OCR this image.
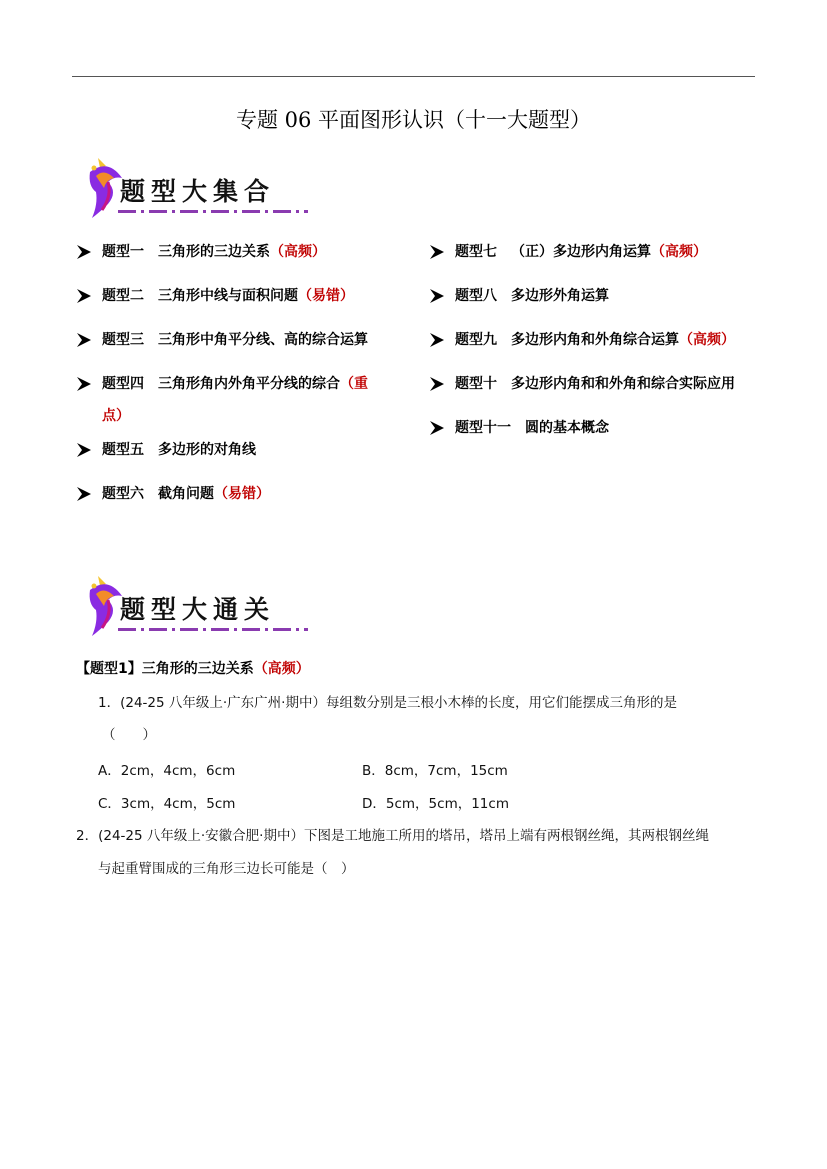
专题 06 平面图形认识（十一大题型）
题型大集合
题型一 三角形的三边关系（高频）
题型二 三角形中线与面积问题（易错）
题型三 三角形中角平分线、高的综合运算
题型四 三角形角内外角平分线的综合（重
点）
题型五 多边形的对角线
题型六 截角问题（易错）
题型七 （正）多边形内角运算（高频）
题型八 多边形外角运算
题型九 多边形内角和外角综合运算（高频）
题型十 多边形内角和和外角和综合实际应用
题型十一 圆的基本概念
题型大通关
【题型1】三角形的三边关系（高频）
1．(24-25 八年级上·广东广州·期中）每组数分别是三根小木棒的长度，用它们能摆成三角形的是
（　　）
A．2cm，4cm，6cm	B．8cm，7cm，15cm
C．3cm，4cm，5cm	D．5cm，5cm，11cm
2．(24-25 八年级上·安徽合肥·期中）下图是工地施工所用的塔吊，塔吊上端有两根钢丝绳，其两根钢丝绳
与起重臂围成的三角形三边长可能是（　）
